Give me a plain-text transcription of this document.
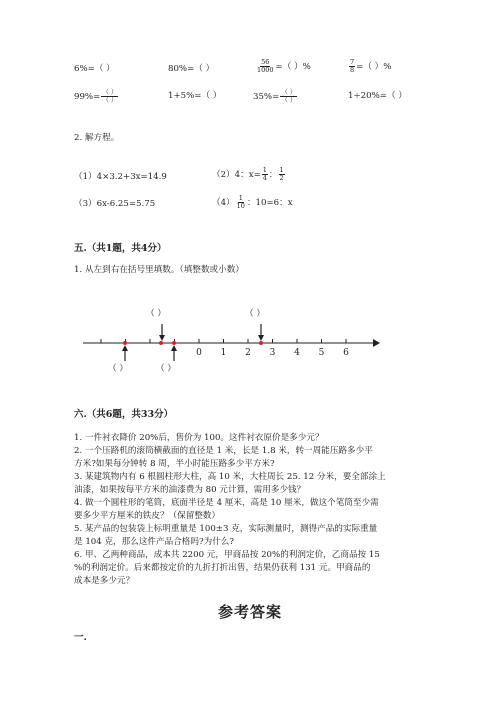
6%=（ ）	80%=（ ）	$\frac{56}{1000}$ =（ ）%	$\frac{7}{8}$ =（ ）%
$99\%= \frac{( )}{( )}$	1+5%=（ ）	$35\%= \frac{( )}{( )}$	1÷20%=（ ）
2. 解方程。
（1）4×3.2+3x=14.9	（2）4：$x= \frac{1}{4}$ ： $\frac{1}{2}$
（3）6x-6.25=5.75	$(4) \frac{1}{10}$ ：10=6：x
五.（共1题，共4分）
1. 从左到右在括号里填数。（填整数或小数）
0 1 2 3 4 5 6
（ ）	（ ）
（ ）	（ ）
六.（共6题，共33分）
1. 一件衬衣降价 20%后，售价为 100。这件衬衣原价是多少元？
2. 一个压路机的滚筒横截面的直径是 1 米，长是 1.8 米，转一周能压路多少平
方米?如果每分钟转 8 周，半小时能压路多少平方米?
3. 某建筑物内有 6 根圆柱形大柱，高 10 米，大柱周长 25. 12 分米，要全部涂上
油漆，如果按每平方米的油漆费为 80 元计算，需用多少钱？
4. 做一个圆柱形的笔筒，底面半径是 4 厘米，高是 10 厘米，做这个笔筒至少需
要多少平方厘米的铁皮？（保留整数）
5. 某产品的包装袋上标明重量是 100±3 克，实际测量时，测得产品的实际重量
是 104 克，那么这件产品合格吗?为什么?
6. 甲、乙两种商品，成本共 2200 元，甲商品按 20%的利润定价，乙商品按 15
%的利润定价。后来都按定价的九折打折出售，结果仍获利 131 元。甲商品的
成本是多少元？
参考答案
一.
